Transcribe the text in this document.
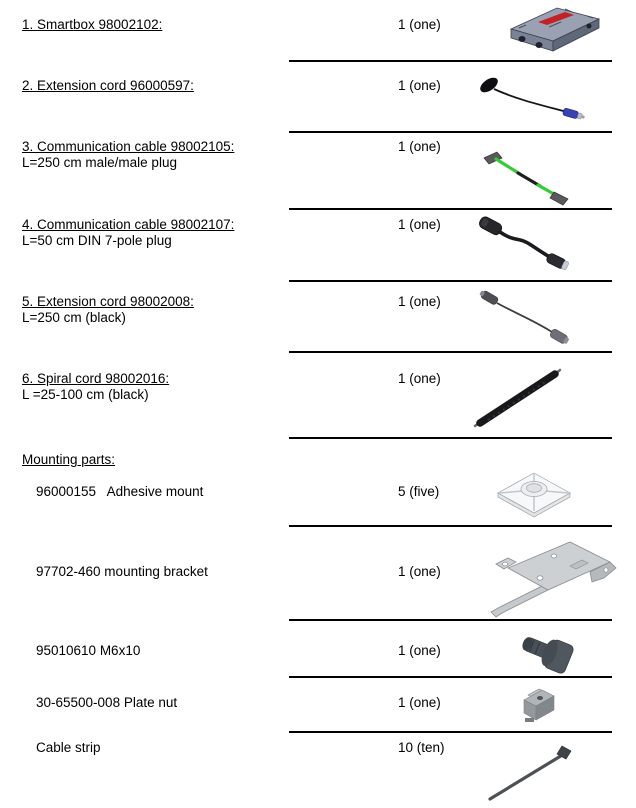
1. Smartbox 98002102:	1 (one)
2. Extension cord 96000597:	1 (one)
3. Communication cable 98002105:
L=250 cm male/male plug
1 (one)
4. Communication cable 98002107:
L=50 cm DIN 7-pole plug
1 (one)
5. Extension cord 98002008:
L=250 cm (black)
1 (one)
6. Spiral cord 98002016:
L =25-100 cm (black)
1 (one)
Mounting parts:
96000155   Adhesive mount	5 (five)
97702-460 mounting bracket	1 (one)
95010610 M6x10	1 (one)
30-65500-008 Plate nut	1 (one)
Cable strip	10 (ten)
